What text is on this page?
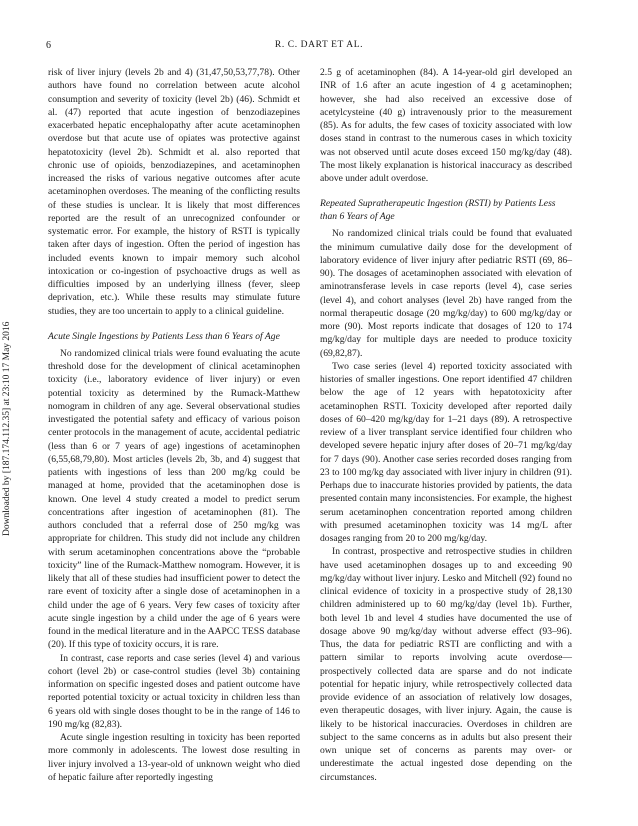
6	R. C. DART ET AL.
Downloaded by [187.174.112.35] at 23:10 17 May 2016

risk of liver injury (levels 2b and 4) (31,47,50,53,77,78). Other authors have found no correlation between acute alcohol consumption and severity of toxicity (level 2b) (46). Schmidt et al. (47) reported that acute ingestion of benzodiazepines exacerbated hepatic encephalopathy after acute acetaminophen overdose but that acute use of opiates was protective against hepatotoxicity (level 2b). Schmidt et al. also reported that chronic use of opioids, benzodiazepines, and acetaminophen increased the risks of various negative outcomes after acute acetaminophen overdoses. The meaning of the conflicting results of these studies is unclear. It is likely that most differences reported are the result of an unrecognized confounder or systematic error. For example, the history of RSTI is typically taken after days of ingestion. Often the period of ingestion has included events known to impair memory such alcohol intoxication or co-ingestion of psychoactive drugs as well as difficulties imposed by an underlying illness (fever, sleep deprivation, etc.). While these results may stimulate future studies, they are too uncertain to apply to a clinical guideline.

Acute Single Ingestions by Patients Less than 6 Years of Age

No randomized clinical trials were found evaluating the acute threshold dose for the development of clinical acetaminophen toxicity (i.e., laboratory evidence of liver injury) or even potential toxicity as determined by the Rumack-Matthew nomogram in children of any age. Several observational studies investigated the potential safety and efficacy of various poison center protocols in the management of acute, accidental pediatric (less than 6 or 7 years of age) ingestions of acetaminophen (6,55,68,79,80). Most articles (levels 2b, 3b, and 4) suggest that patients with ingestions of less than 200 mg/kg could be managed at home, provided that the acetaminophen dose is known. One level 4 study created a model to predict serum concentrations after ingestion of acetaminophen (81). The authors concluded that a referral dose of 250 mg/kg was appropriate for children. This study did not include any children with serum acetaminophen concentrations above the “probable toxicity” line of the Rumack-Matthew nomogram. However, it is likely that all of these studies had insufficient power to detect the rare event of toxicity after a single dose of acetaminophen in a child under the age of 6 years. Very few cases of toxicity after acute single ingestion by a child under the age of 6 years were found in the medical literature and in the AAPCC TESS database (20). If this type of toxicity occurs, it is rare.

In contrast, case reports and case series (level 4) and various cohort (level 2b) or case-control studies (level 3b) containing information on specific ingested doses and patient outcome have reported potential toxicity or actual toxicity in children less than 6 years old with single doses thought to be in the range of 146 to 190 mg/kg (82,83).

Acute single ingestion resulting in toxicity has been reported more commonly in adolescents. The lowest dose resulting in liver injury involved a 13-year-old of unknown weight who died of hepatic failure after reportedly ingesting

2.5 g of acetaminophen (84). A 14-year-old girl developed an INR of 1.6 after an acute ingestion of 4 g acetaminophen; however, she had also received an excessive dose of acetylcysteine (40 g) intravenously prior to the measurement (85). As for adults, the few cases of toxicity associated with low doses stand in contrast to the numerous cases in which toxicity was not observed until acute doses exceed 150 mg/kg/day (48). The most likely explanation is historical inaccuracy as described above under adult overdose.

Repeated Supratherapeutic Ingestion (RSTI) by Patients Less than 6 Years of Age

No randomized clinical trials could be found that evaluated the minimum cumulative daily dose for the development of laboratory evidence of liver injury after pediatric RSTI (69, 86–90). The dosages of acetaminophen associated with elevation of aminotransferase levels in case reports (level 4), case series (level 4), and cohort analyses (level 2b) have ranged from the normal therapeutic dosage (20 mg/kg/day) to 600 mg/kg/day or more (90). Most reports indicate that dosages of 120 to 174 mg/kg/day for multiple days are needed to produce toxicity (69,82,87).

Two case series (level 4) reported toxicity associated with histories of smaller ingestions. One report identified 47 children below the age of 12 years with hepatotoxicity after acetaminophen RSTI. Toxicity developed after reported daily doses of 60–420 mg/kg/day for 1–21 days (89). A retrospective review of a liver transplant service identified four children who developed severe hepatic injury after doses of 20–71 mg/kg/day for 7 days (90). Another case series recorded doses ranging from 23 to 100 mg/kg day associated with liver injury in children (91). Perhaps due to inaccurate histories provided by patients, the data presented contain many inconsistencies. For example, the highest serum acetaminophen concentration reported among children with presumed acetaminophen toxicity was 14 mg/L after dosages ranging from 20 to 200 mg/kg/day.

In contrast, prospective and retrospective studies in children have used acetaminophen dosages up to and exceeding 90 mg/kg/day without liver injury. Lesko and Mitchell (92) found no clinical evidence of toxicity in a prospective study of 28,130 children administered up to 60 mg/kg/day (level 1b). Further, both level 1b and level 4 studies have documented the use of dosage above 90 mg/kg/day without adverse effect (93–96). Thus, the data for pediatric RSTI are conflicting and with a pattern similar to reports involving acute overdose—prospectively collected data are sparse and do not indicate potential for hepatic injury, while retrospectively collected data provide evidence of an association of relatively low dosages, even therapeutic dosages, with liver injury. Again, the cause is likely to be historical inaccuracies. Overdoses in children are subject to the same concerns as in adults but also present their own unique set of concerns as parents may over- or underestimate the actual ingested dose depending on the circumstances.
